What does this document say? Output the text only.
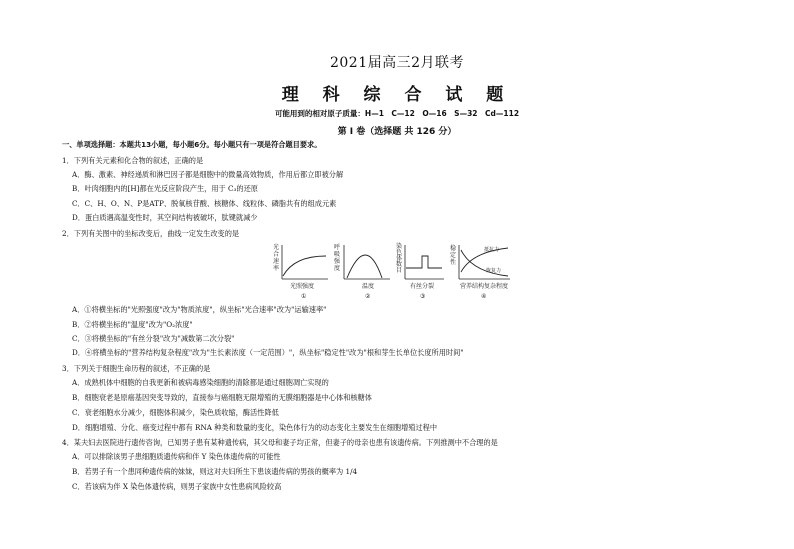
2021届高三2月联考
理 科 综 合 试 题
可能用到的相对原子质量：H—1　C—12　O—16　S—32　Cd—112
第 I 卷（选择题 共 126 分）
一、单项选择题：本题共13小题，每小题6分。每小题只有一项是符合题目要求。
1．下列有关元素和化合物的叙述，正确的是
A．酶、激素、神经递质和淋巴因子都是细胞中的微量高效物质，作用后都立即被分解
B．叶肉细胞内的[H]都在光反应阶段产生，用于 C₃的还原
C．C、H、O、N、P是ATP、脱氧核苷酸、核糖体、线粒体、磷脂共有的组成元素
D．蛋白质遇高温变性时，其空间结构被破坏，肽键就减少
2．下列有关图中的坐标改变后，曲线一定发生改变的是
光
合
速
率
光照强度
①
呼
吸
强
度
温度
②
染
色
体
数
目
有丝分裂
③
稳
定
性
抵抗力
恢复力
营养结构复杂程度
④
A．①将横坐标的"光照强度"改为"物质浓度"，纵坐标"光合速率"改为"运输速率"
B．②将横坐标的"温度"改为"O₂浓度"
C．③将横坐标的"有丝分裂"改为"减数第二次分裂"
D．④将横坐标的"营养结构复杂程度"改为"生长素浓度（一定范围）"，纵坐标"稳定性"改为"根和芽生长单位长度所用时间"
3．下列关于细胞生命历程的叙述，不正确的是
A．成熟机体中细胞的自我更新和被病毒感染细胞的清除都是通过细胞凋亡实现的
B．细胞衰老是原癌基因突变导致的，直接参与癌细胞无限增殖的无膜细胞器是中心体和核糖体
C．衰老细胞水分减少，细胞体积减少，染色质收缩，酶活性降低
D．细胞增殖、分化、癌变过程中都有 RNA 种类和数量的变化，染色体行为的动态变化主要发生在细胞增殖过程中
4．某夫妇去医院进行遗传咨询，已知男子患有某种遗传病，其父母和妻子均正常，但妻子的母亲也患有该遗传病。下列推测中不合理的是
A．可以排除该男子患细胞质遗传病和伴 Y 染色体遗传病的可能性
B．若男子有一个患同种遗传病的妹妹，则这对夫妇所生下患该遗传病的男孩的概率为 1/4
C．若该病为伴 X 染色体遗传病，则男子家族中女性患病风险较高
